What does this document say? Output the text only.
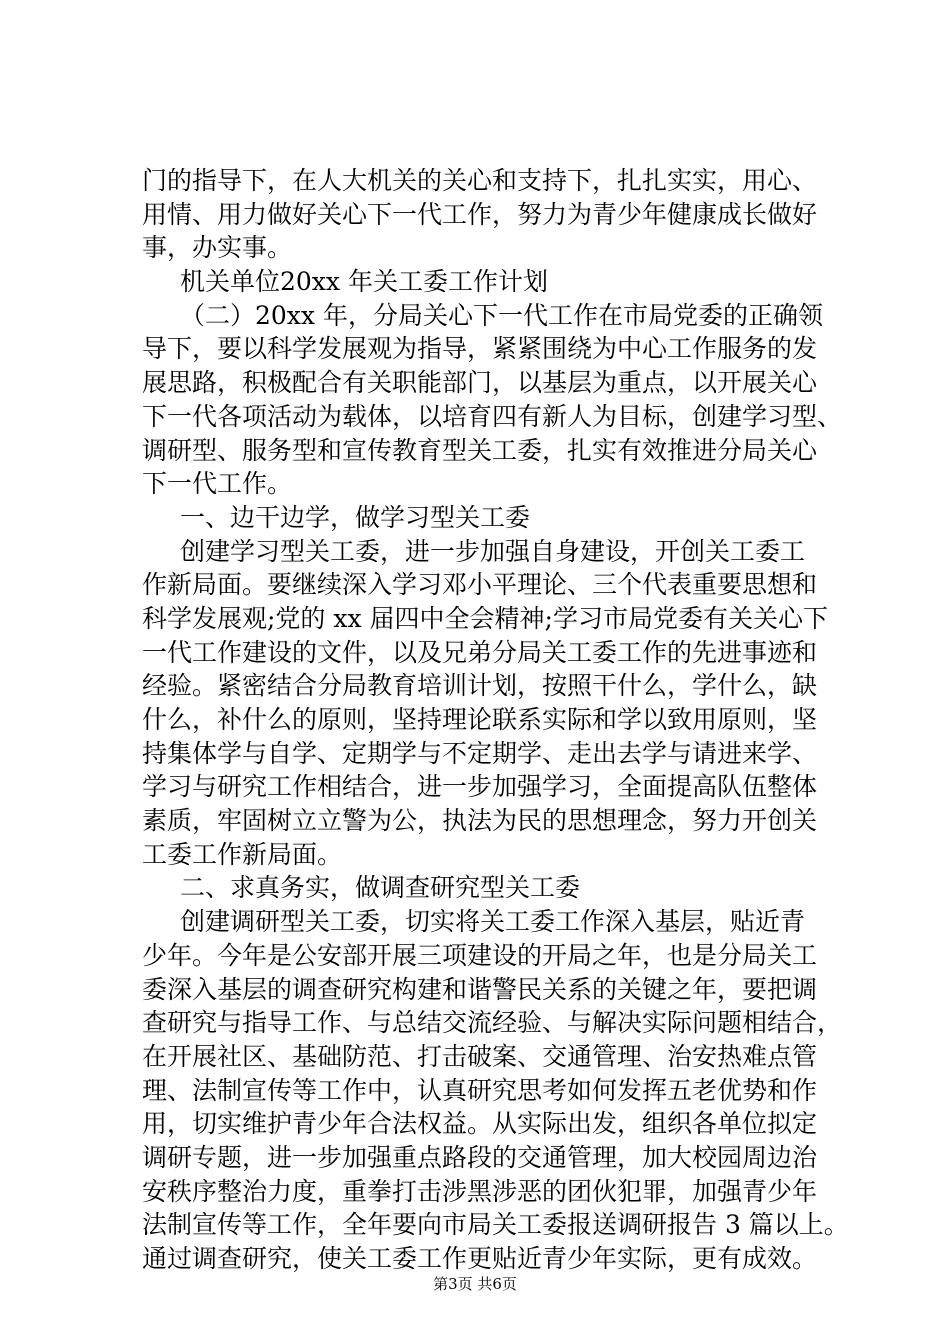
门的指导下，在人大机关的关心和支持下，扎扎实实，用心、
用情、用力做好关心下一代工作，努力为青少年健康成长做好
事，办实事。
机关单位20xx 年关工委工作计划
（二）20xx 年，分局关心下一代工作在市局党委的正确领
导下，要以科学发展观为指导，紧紧围绕为中心工作服务的发
展思路，积极配合有关职能部门，以基层为重点，以开展关心
下一代各项活动为载体，以培育四有新人为目标，创建学习型、
调研型、服务型和宣传教育型关工委，扎实有效推进分局关心
下一代工作。
一、边干边学，做学习型关工委
创建学习型关工委，进一步加强自身建设，开创关工委工
作新局面。要继续深入学习邓小平理论、三个代表重要思想和
科学发展观;党的 xx 届四中全会精神;学习市局党委有关关心下
一代工作建设的文件，以及兄弟分局关工委工作的先进事迹和
经验。紧密结合分局教育培训计划，按照干什么，学什么，缺
什么，补什么的原则，坚持理论联系实际和学以致用原则，坚
持集体学与自学、定期学与不定期学、走出去学与请进来学、
学习与研究工作相结合，进一步加强学习，全面提高队伍整体
素质，牢固树立立警为公，执法为民的思想理念，努力开创关
工委工作新局面。
二、求真务实，做调查研究型关工委
创建调研型关工委，切实将关工委工作深入基层，贴近青
少年。今年是公安部开展三项建设的开局之年，也是分局关工
委深入基层的调查研究构建和谐警民关系的关键之年，要把调
查研究与指导工作、与总结交流经验、与解决实际问题相结合，
在开展社区、基础防范、打击破案、交通管理、治安热难点管
理、法制宣传等工作中，认真研究思考如何发挥五老优势和作
用，切实维护青少年合法权益。从实际出发，组织各单位拟定
调研专题，进一步加强重点路段的交通管理，加大校园周边治
安秩序整治力度，重拳打击涉黑涉恶的团伙犯罪，加强青少年
法制宣传等工作，全年要向市局关工委报送调研报告 3 篇以上。
通过调查研究，使关工委工作更贴近青少年实际，更有成效。
第3页 共6页
